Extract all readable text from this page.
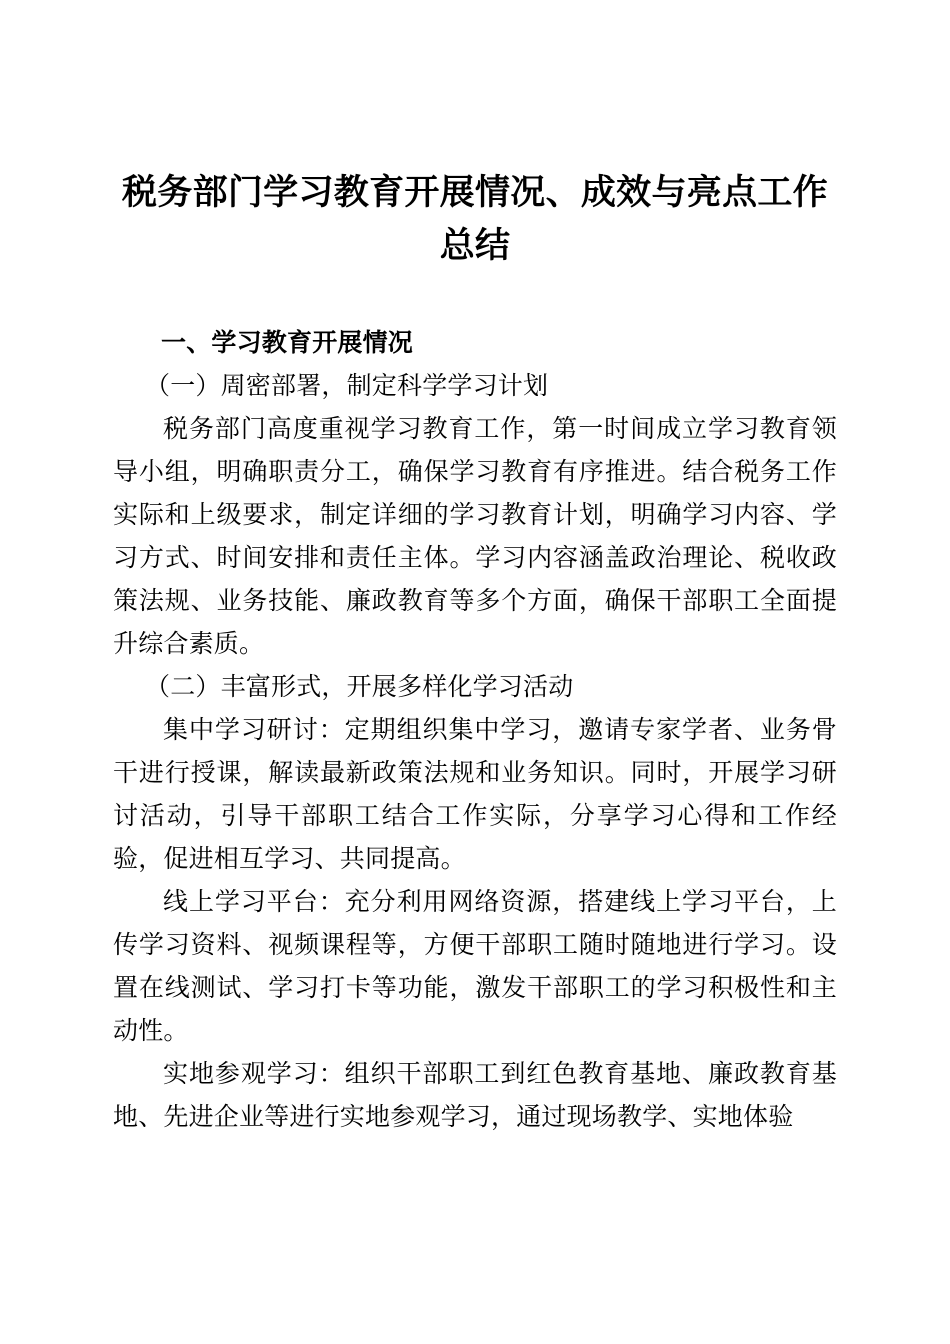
税务部门学习教育开展情况、成效与亮点工作总结
一、学习教育开展情况
（一）周密部署，制定科学学习计划

税务部门高度重视学习教育工作，第一时间成立学习教育领导小组，明确职责分工，确保学习教育有序推进。结合税务工作实际和上级要求，制定详细的学习教育计划，明确学习内容、学习方式、时间安排和责任主体。学习内容涵盖政治理论、税收政策法规、业务技能、廉政教育等多个方面，确保干部职工全面提升综合素质。

（二）丰富形式，开展多样化学习活动

集中学习研讨：定期组织集中学习，邀请专家学者、业务骨干进行授课，解读最新政策法规和业务知识。同时，开展学习研讨活动，引导干部职工结合工作实际，分享学习心得和工作经验，促进相互学习、共同提高。

线上学习平台：充分利用网络资源，搭建线上学习平台，上传学习资料、视频课程等，方便干部职工随时随地进行学习。设置在线测试、学习打卡等功能，激发干部职工的学习积极性和主动性。

实地参观学习：组织干部职工到红色教育基地、廉政教育基地、先进企业等进行实地参观学习，通过现场教学、实地体验
